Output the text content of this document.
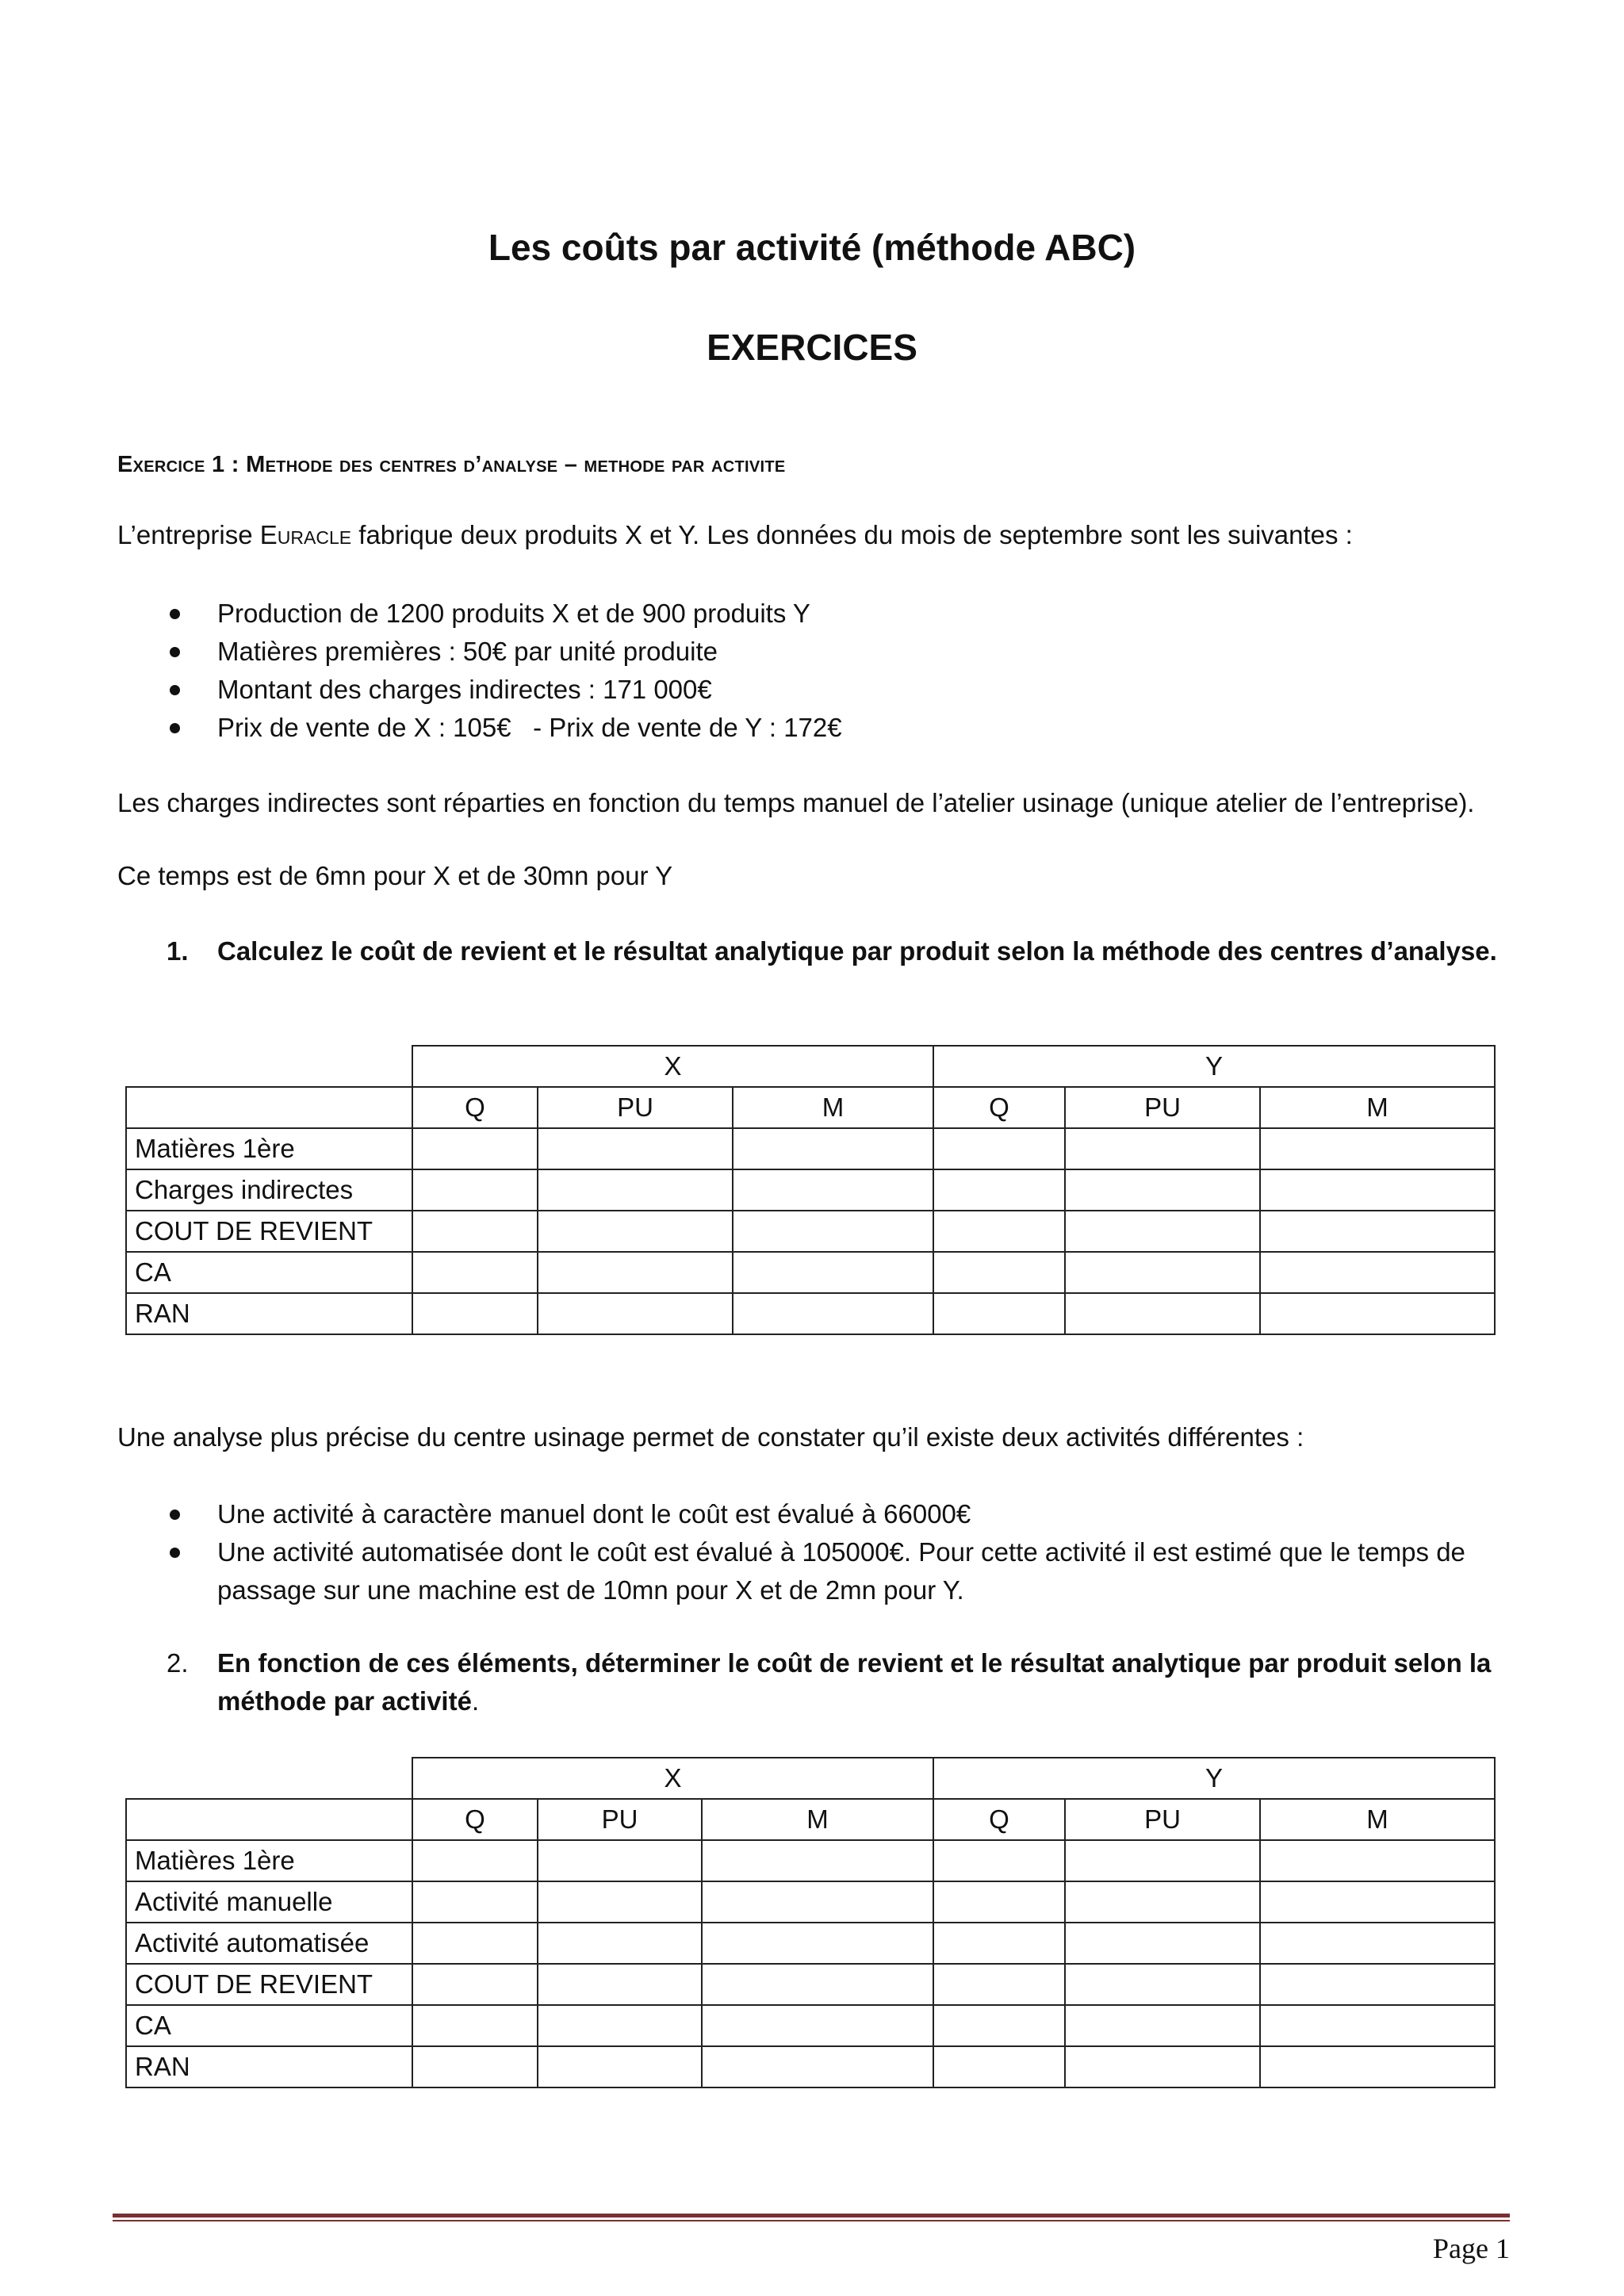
Les coûts par activité (méthode ABC)
EXERCICES
Exercice 1 : Methode des centres d’analyse – methode par activite
L’entreprise Euracle fabrique deux produits X et Y. Les données du mois de septembre sont les suivantes :
Production de 1200 produits X et de 900 produits Y
Matières premières : 50€ par unité produite
Montant des charges indirectes : 171 000€
Prix de vente de X : 105€   - Prix de vente de Y : 172€
Les charges indirectes sont réparties en fonction du temps manuel de l’atelier usinage (unique atelier de l’entreprise).
Ce temps est de 6mn pour X et de 30mn pour Y
1.	Calculez le coût de revient et le résultat analytique par produit selon la méthode des centres d’analyse.
	X			Y		
	Q	PU	M	Q	PU	M
Matières 1ère						
Charges indirectes						
COUT DE REVIENT						
CA						
RAN						
Une analyse plus précise du centre usinage permet de constater qu’il existe deux activités différentes :
Une activité à caractère manuel dont le coût est évalué à 66000€
Une activité automatisée dont le coût est évalué à 105000€. Pour cette activité il est estimé que le temps de passage sur une machine est de 10mn pour X et de 2mn pour Y.
2.	En fonction de ces éléments, déterminer le coût de revient et le résultat analytique par produit selon la méthode par activité.
	X			Y		
	Q	PU	M	Q	PU	M
Matières 1ère						
Activité manuelle						
Activité automatisée						
COUT DE REVIENT						
CA						
RAN						
Page 1
